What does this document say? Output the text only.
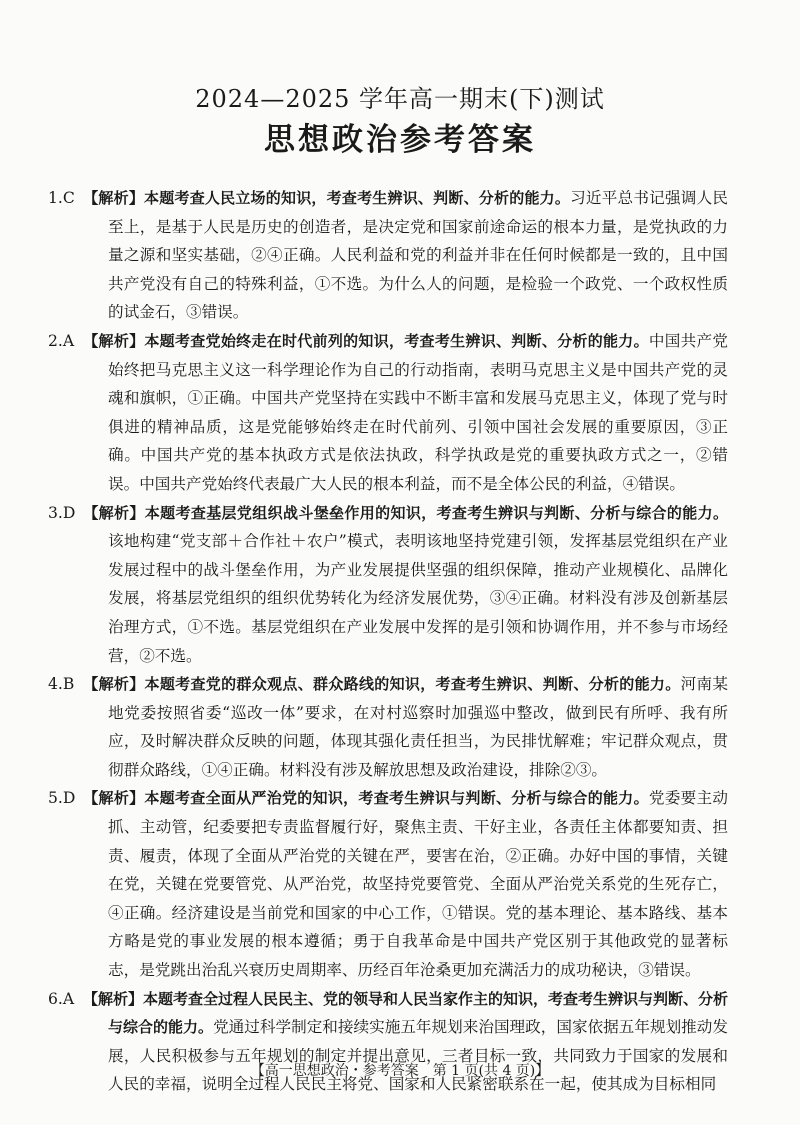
2024—2025 学年高一期末(下)测试
思想政治参考答案

1.C 【解析】本题考查人民立场的知识，考查考生辨识、判断、分析的能力。习近平总书记强调人民至上，是基于人民是历史的创造者，是决定党和国家前途命运的根本力量，是党执政的力量之源和坚实基础，②④正确。人民利益和党的利益并非在任何时候都是一致的，且中国共产党没有自己的特殊利益，①不选。为什么人的问题，是检验一个政党、一个政权性质的试金石，③错误。

2.A 【解析】本题考查党始终走在时代前列的知识，考查考生辨识、判断、分析的能力。中国共产党始终把马克思主义这一科学理论作为自己的行动指南，表明马克思主义是中国共产党的灵魂和旗帜，①正确。中国共产党坚持在实践中不断丰富和发展马克思主义，体现了党与时俱进的精神品质，这是党能够始终走在时代前列、引领中国社会发展的重要原因，③正确。中国共产党的基本执政方式是依法执政，科学执政是党的重要执政方式之一，②错误。中国共产党始终代表最广大人民的根本利益，而不是全体公民的利益，④错误。

3.D 【解析】本题考查基层党组织战斗堡垒作用的知识，考查考生辨识与判断、分析与综合的能力。该地构建“党支部＋合作社＋农户”模式，表明该地坚持党建引领，发挥基层党组织在产业发展过程中的战斗堡垒作用，为产业发展提供坚强的组织保障，推动产业规模化、品牌化发展，将基层党组织的组织优势转化为经济发展优势，③④正确。材料没有涉及创新基层治理方式，①不选。基层党组织在产业发展中发挥的是引领和协调作用，并不参与市场经营，②不选。

4.B 【解析】本题考查党的群众观点、群众路线的知识，考查考生辨识、判断、分析的能力。河南某地党委按照省委“巡改一体”要求，在对村巡察时加强巡中整改，做到民有所呼、我有所应，及时解决群众反映的问题，体现其强化责任担当，为民排忧解难；牢记群众观点，贯彻群众路线，①④正确。材料没有涉及解放思想及政治建设，排除②③。

5.D 【解析】本题考查全面从严治党的知识，考查考生辨识与判断、分析与综合的能力。党委要主动抓、主动管，纪委要把专责监督履行好，聚焦主责、干好主业，各责任主体都要知责、担责、履责，体现了全面从严治党的关键在严，要害在治，②正确。办好中国的事情，关键在党，关键在党要管党、从严治党，故坚持党要管党、全面从严治党关系党的生死存亡，④正确。经济建设是当前党和国家的中心工作，①错误。党的基本理论、基本路线、基本方略是党的事业发展的根本遵循；勇于自我革命是中国共产党区别于其他政党的显著标志，是党跳出治乱兴衰历史周期率、历经百年沧桑更加充满活力的成功秘诀，③错误。

6.A 【解析】本题考查全过程人民民主、党的领导和人民当家作主的知识，考查考生辨识与判断、分析与综合的能力。党通过科学制定和接续实施五年规划来治国理政，国家依据五年规划推动发展，人民积极参与五年规划的制定并提出意见，三者目标一致，共同致力于国家的发展和人民的幸福，说明全过程人民民主将党、国家和人民紧密联系在一起，使其成为目标相同

【高一思想政治・参考答案　第 1 页(共 4 页)】
